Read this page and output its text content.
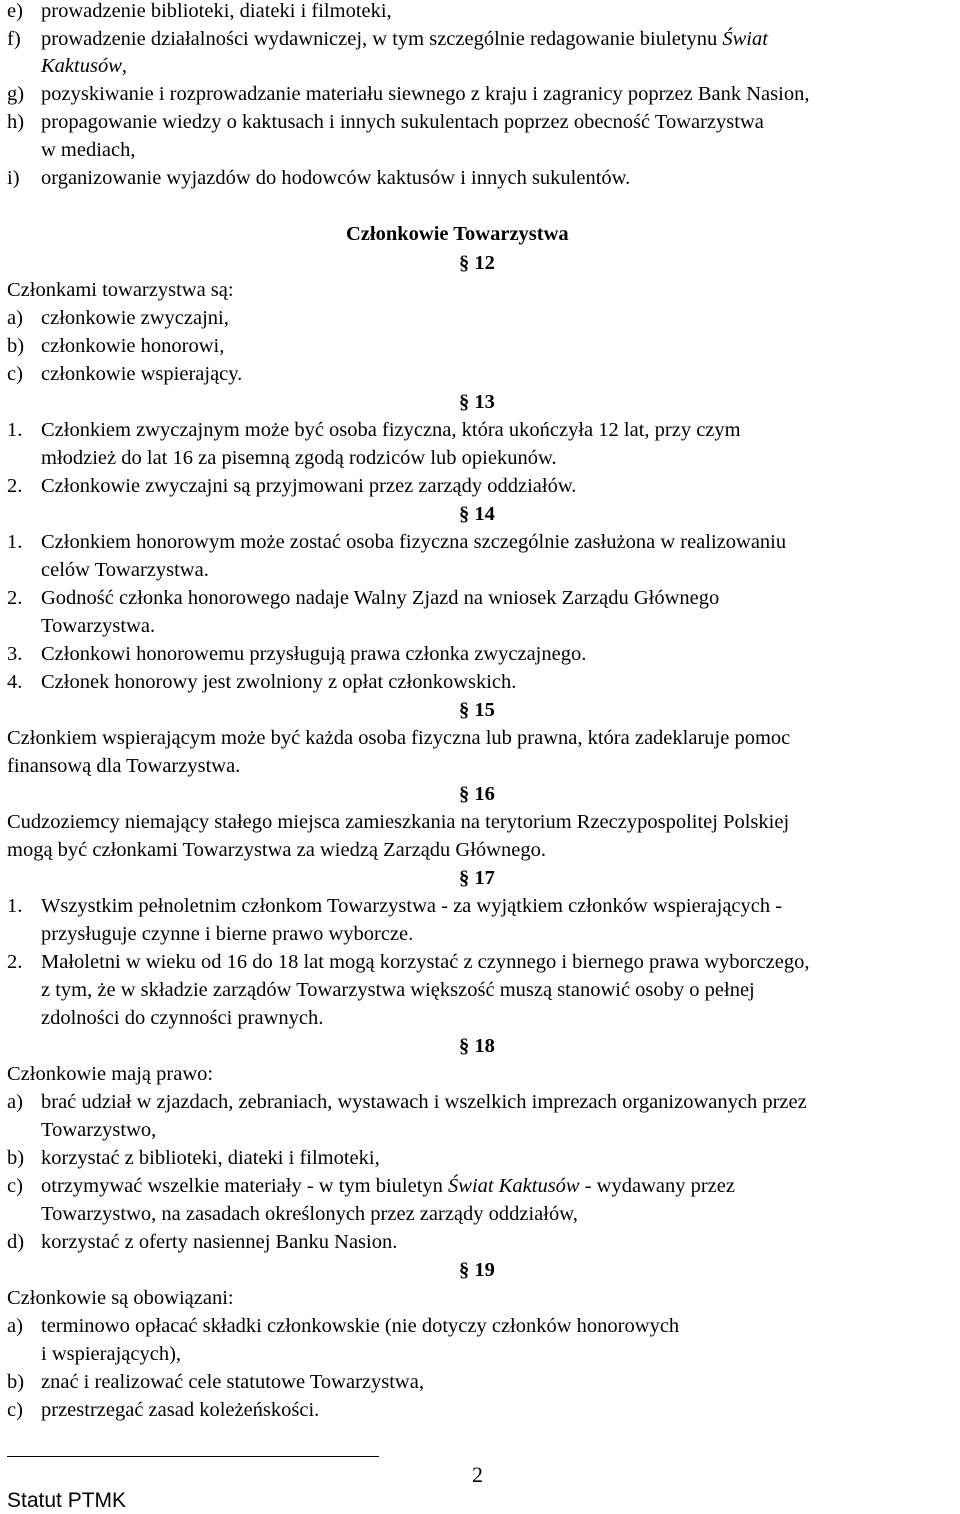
e) prowadzenie biblioteki, diateki i filmoteki,
f) prowadzenie działalności wydawniczej, w tym szczególnie redagowanie biuletynu Świat
Kaktusów,
g) pozyskiwanie i rozprowadzanie materiału siewnego z kraju i zagranicy poprzez Bank Nasion,
h) propagowanie wiedzy o kaktusach i innych sukulentach poprzez obecność Towarzystwa
w mediach,
i) organizowanie wyjazdów do hodowców kaktusów i innych sukulentów.
Członkowie Towarzystwa
§ 12
Członkami towarzystwa są:
a) członkowie zwyczajni,
b) członkowie honorowi,
c) członkowie wspierający.
§ 13
1. Członkiem zwyczajnym może być osoba fizyczna, która ukończyła 12 lat, przy czym
młodzież do lat 16 za pisemną zgodą rodziców lub opiekunów.
2. Członkowie zwyczajni są przyjmowani przez zarządy oddziałów.
§ 14
1. Członkiem honorowym może zostać osoba fizyczna szczególnie zasłużona w realizowaniu
celów Towarzystwa.
2. Godność członka honorowego nadaje Walny Zjazd na wniosek Zarządu Głównego
Towarzystwa.
3. Członkowi honorowemu przysługują prawa członka zwyczajnego.
4. Członek honorowy jest zwolniony z opłat członkowskich.
§ 15
Członkiem wspierającym może być każda osoba fizyczna lub prawna, która zadeklaruje pomoc
finansową dla Towarzystwa.
§ 16
Cudzoziemcy niemający stałego miejsca zamieszkania na terytorium Rzeczypospolitej Polskiej
mogą być członkami Towarzystwa za wiedzą Zarządu Głównego.
§ 17
1. Wszystkim pełnoletnim członkom Towarzystwa - za wyjątkiem członków wspierających -
przysługuje czynne i bierne prawo wyborcze.
2. Małoletni w wieku od 16 do 18 lat mogą korzystać z czynnego i biernego prawa wyborczego,
z tym, że w składzie zarządów Towarzystwa większość muszą stanowić osoby o pełnej
zdolności do czynności prawnych.
§ 18
Członkowie mają prawo:
a) brać udział w zjazdach, zebraniach, wystawach i wszelkich imprezach organizowanych przez
Towarzystwo,
b) korzystać z biblioteki, diateki i filmoteki,
c) otrzymywać wszelkie materiały - w tym biuletyn Świat Kaktusów - wydawany przez
Towarzystwo, na zasadach określonych przez zarządy oddziałów,
d) korzystać z oferty nasiennej Banku Nasion.
§ 19
Członkowie są obowiązani:
a) terminowo opłacać składki członkowskie (nie dotyczy członków honorowych
i wspierających),
b) znać i realizować cele statutowe Towarzystwa,
c) przestrzegać zasad koleżeńskości.
2
Statut PTMK
